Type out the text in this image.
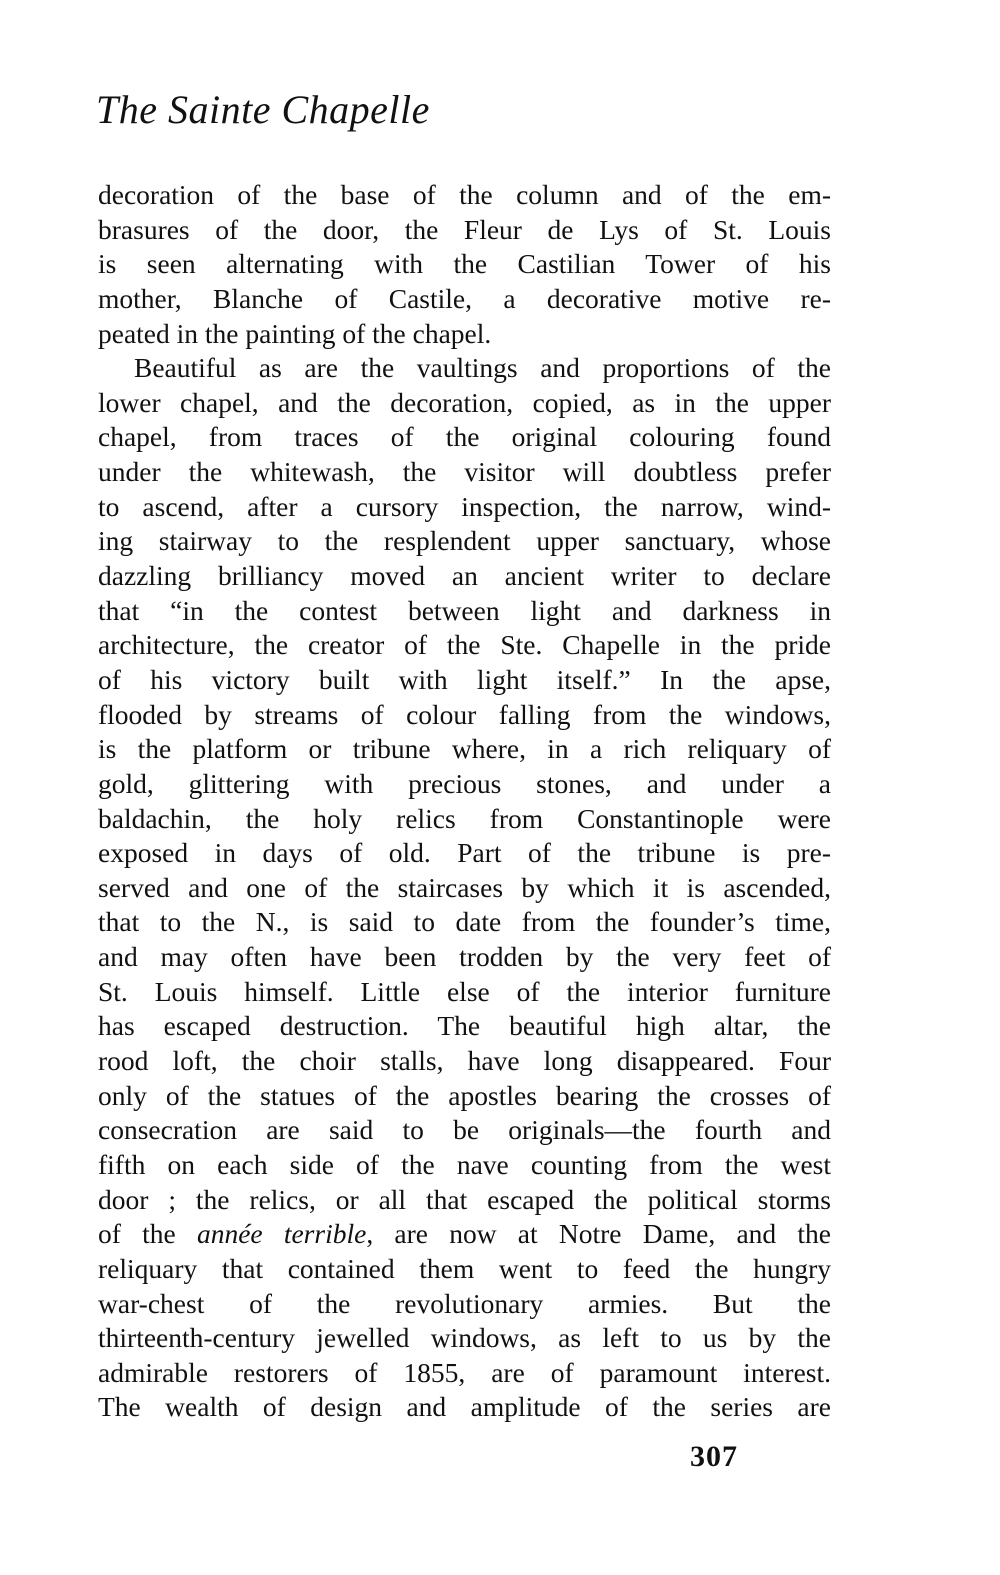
The Sainte Chapelle
decoration of the base of the column and of the em-
brasures of the door, the Fleur de Lys of St. Louis
is seen alternating with the Castilian Tower of his
mother, Blanche of Castile, a decorative motive re-
peated in the painting of the chapel.
Beautiful as are the vaultings and proportions of the
lower chapel, and the decoration, copied, as in the upper
chapel, from traces of the original colouring found
under the whitewash, the visitor will doubtless prefer
to ascend, after a cursory inspection, the narrow, wind-
ing stairway to the resplendent upper sanctuary, whose
dazzling brilliancy moved an ancient writer to declare
that “in the contest between light and darkness in
architecture, the creator of the Ste. Chapelle in the pride
of his victory built with light itself.” In the apse,
flooded by streams of colour falling from the windows,
is the platform or tribune where, in a rich reliquary of
gold, glittering with precious stones, and under a
baldachin, the holy relics from Constantinople were
exposed in days of old. Part of the tribune is pre-
served and one of the staircases by which it is ascended,
that to the N., is said to date from the founder’s time,
and may often have been trodden by the very feet of
St. Louis himself. Little else of the interior furniture
has escaped destruction. The beautiful high altar, the
rood loft, the choir stalls, have long disappeared. Four
only of the statues of the apostles bearing the crosses of
consecration are said to be originals—the fourth and
fifth on each side of the nave counting from the west
door ; the relics, or all that escaped the political storms
of the année terrible, are now at Notre Dame, and the
reliquary that contained them went to feed the hungry
war-chest of the revolutionary armies. But the
thirteenth-century jewelled windows, as left to us by the
admirable restorers of 1855, are of paramount interest.
The wealth of design and amplitude of the series are
307
